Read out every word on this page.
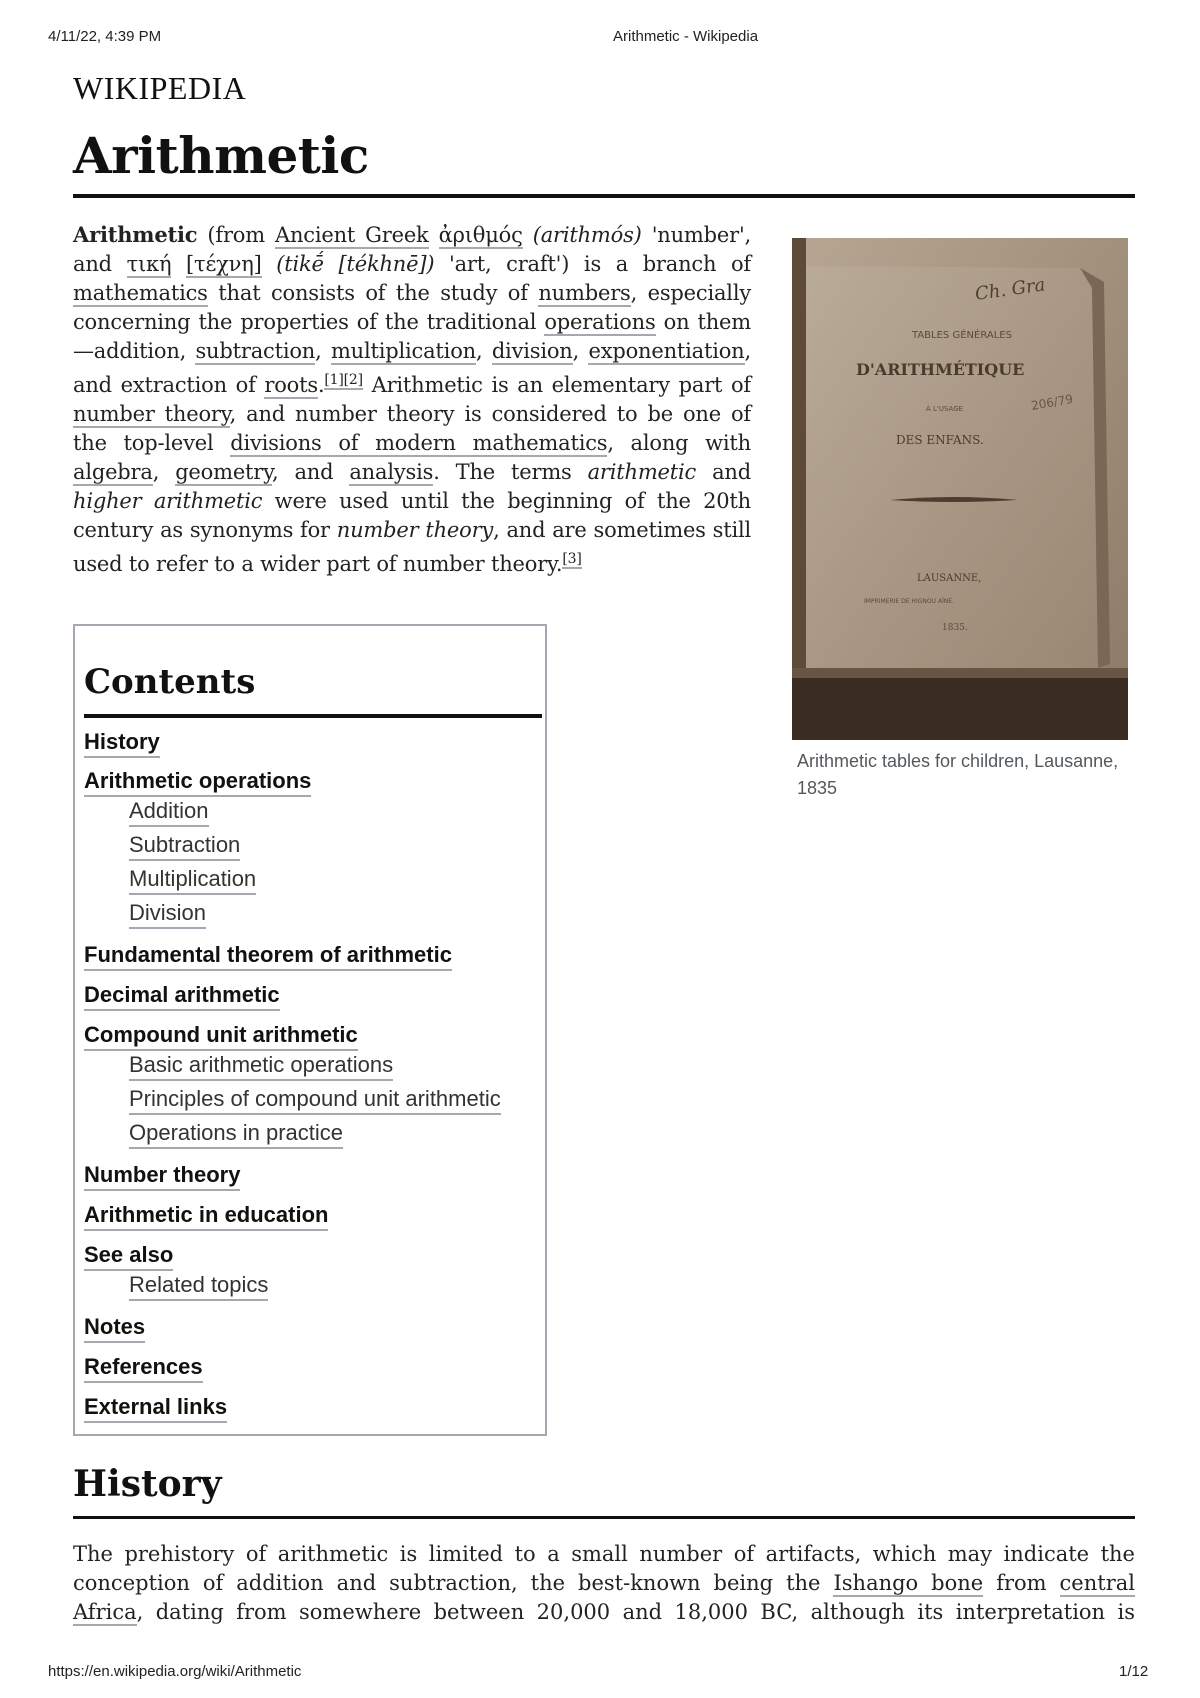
4/11/22, 4:39 PM	Arithmetic - Wikipedia
WIKIPEDIA
Arithmetic

Arithmetic (from Ancient Greek ἀριθμός (arithmós) 'number', and τική [τέχνη] (tikḗ [tékhnē]) 'art, craft') is a branch of mathematics that consists of the study of numbers, especially concerning the properties of the traditional operations on them—addition, subtraction, multiplication, division, exponentiation, and extraction of roots.[1][2] Arithmetic is an elementary part of number theory, and number theory is considered to be one of the top-level divisions of modern mathematics, along with algebra, geometry, and analysis. The terms arithmetic and higher arithmetic were used until the beginning of the 20th century as synonyms for number theory, and are sometimes still used to refer to a wider part of number theory.[3]

TABLES GÉNÉRALES
D'ARITHMÉTIQUE
À L'USAGE
DES ENFANS.
LAUSANNE,
IMPRIMERIE DE HIGNOU AÎNÉ.
1835.
Ch. Gra
206/79
Arithmetic tables for children, Lausanne, 1835
Contents
History
Arithmetic operations
Addition
Subtraction
Multiplication
Division
Fundamental theorem of arithmetic
Decimal arithmetic
Compound unit arithmetic
Basic arithmetic operations
Principles of compound unit arithmetic
Operations in practice
Number theory
Arithmetic in education
See also
Related topics
Notes
References
External links
History

The prehistory of arithmetic is limited to a small number of artifacts, which may indicate the conception of addition and subtraction, the best-known being the Ishango bone from central Africa, dating from somewhere between 20,000 and 18,000 BC, although its interpretation is

https://en.wikipedia.org/wiki/Arithmetic	1/12
